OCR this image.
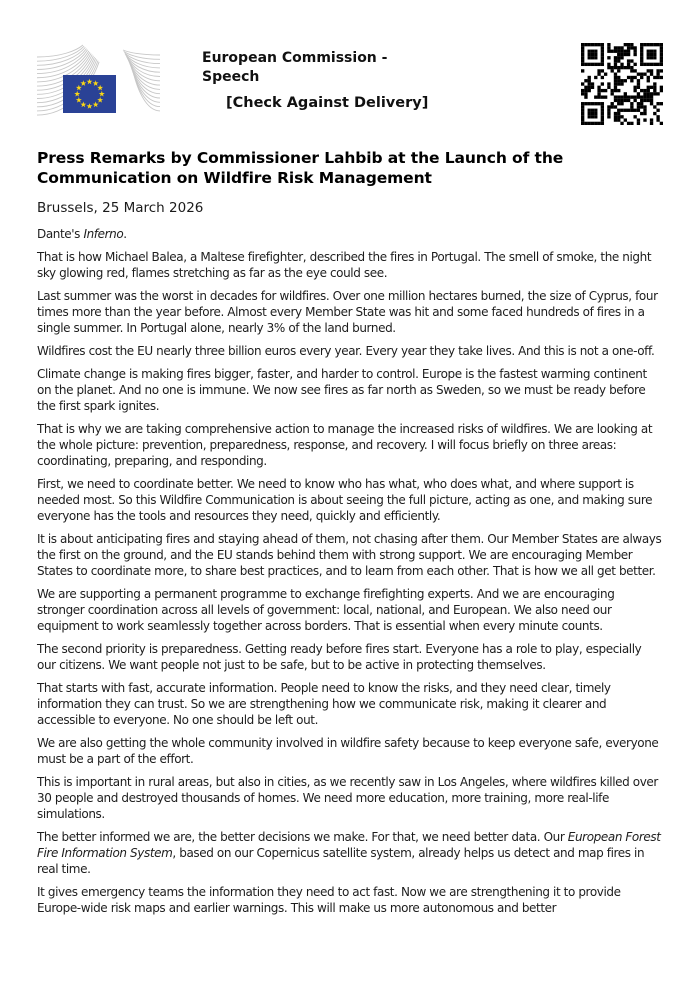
European Commission -
Speech
[Check Against Delivery]
Press Remarks by Commissioner Lahbib at the Launch of the Communication on Wildfire Risk Management
Brussels, 25 March 2026

Dante's Inferno.

That is how Michael Balea, a Maltese firefighter, described the fires in Portugal. The smell of smoke, the night sky glowing red, flames stretching as far as the eye could see.

Last summer was the worst in decades for wildfires. Over one million hectares burned, the size of Cyprus, four times more than the year before. Almost every Member State was hit and some faced hundreds of fires in a single summer. In Portugal alone, nearly 3% of the land burned.

Wildfires cost the EU nearly three billion euros every year. Every year they take lives. And this is not a one-off.

Climate change is making fires bigger, faster, and harder to control. Europe is the fastest warming continent on the planet. And no one is immune. We now see fires as far north as Sweden, so we must be ready before the first spark ignites.

That is why we are taking comprehensive action to manage the increased risks of wildfires. We are looking at the whole picture: prevention, preparedness, response, and recovery. I will focus briefly on three areas: coordinating, preparing, and responding.

First, we need to coordinate better. We need to know who has what, who does what, and where support is needed most. So this Wildfire Communication is about seeing the full picture, acting as one, and making sure everyone has the tools and resources they need, quickly and efficiently.

It is about anticipating fires and staying ahead of them, not chasing after them. Our Member States are always the first on the ground, and the EU stands behind them with strong support. We are encouraging Member States to coordinate more, to share best practices, and to learn from each other. That is how we all get better.

We are supporting a permanent programme to exchange firefighting experts. And we are encouraging stronger coordination across all levels of government: local, national, and European. We also need our equipment to work seamlessly together across borders. That is essential when every minute counts.

The second priority is preparedness. Getting ready before fires start. Everyone has a role to play, especially our citizens. We want people not just to be safe, but to be active in protecting themselves.

That starts with fast, accurate information. People need to know the risks, and they need clear, timely information they can trust. So we are strengthening how we communicate risk, making it clearer and accessible to everyone. No one should be left out.

We are also getting the whole community involved in wildfire safety because to keep everyone safe, everyone must be a part of the effort.

This is important in rural areas, but also in cities, as we recently saw in Los Angeles, where wildfires killed over 30 people and destroyed thousands of homes. We need more education, more training, more real-life simulations.

The better informed we are, the better decisions we make. For that, we need better data. Our European Forest Fire Information System, based on our Copernicus satellite system, already helps us detect and map fires in real time.

It gives emergency teams the information they need to act fast. Now we are strengthening it to provide Europe-wide risk maps and earlier warnings. This will make us more autonomous and better
